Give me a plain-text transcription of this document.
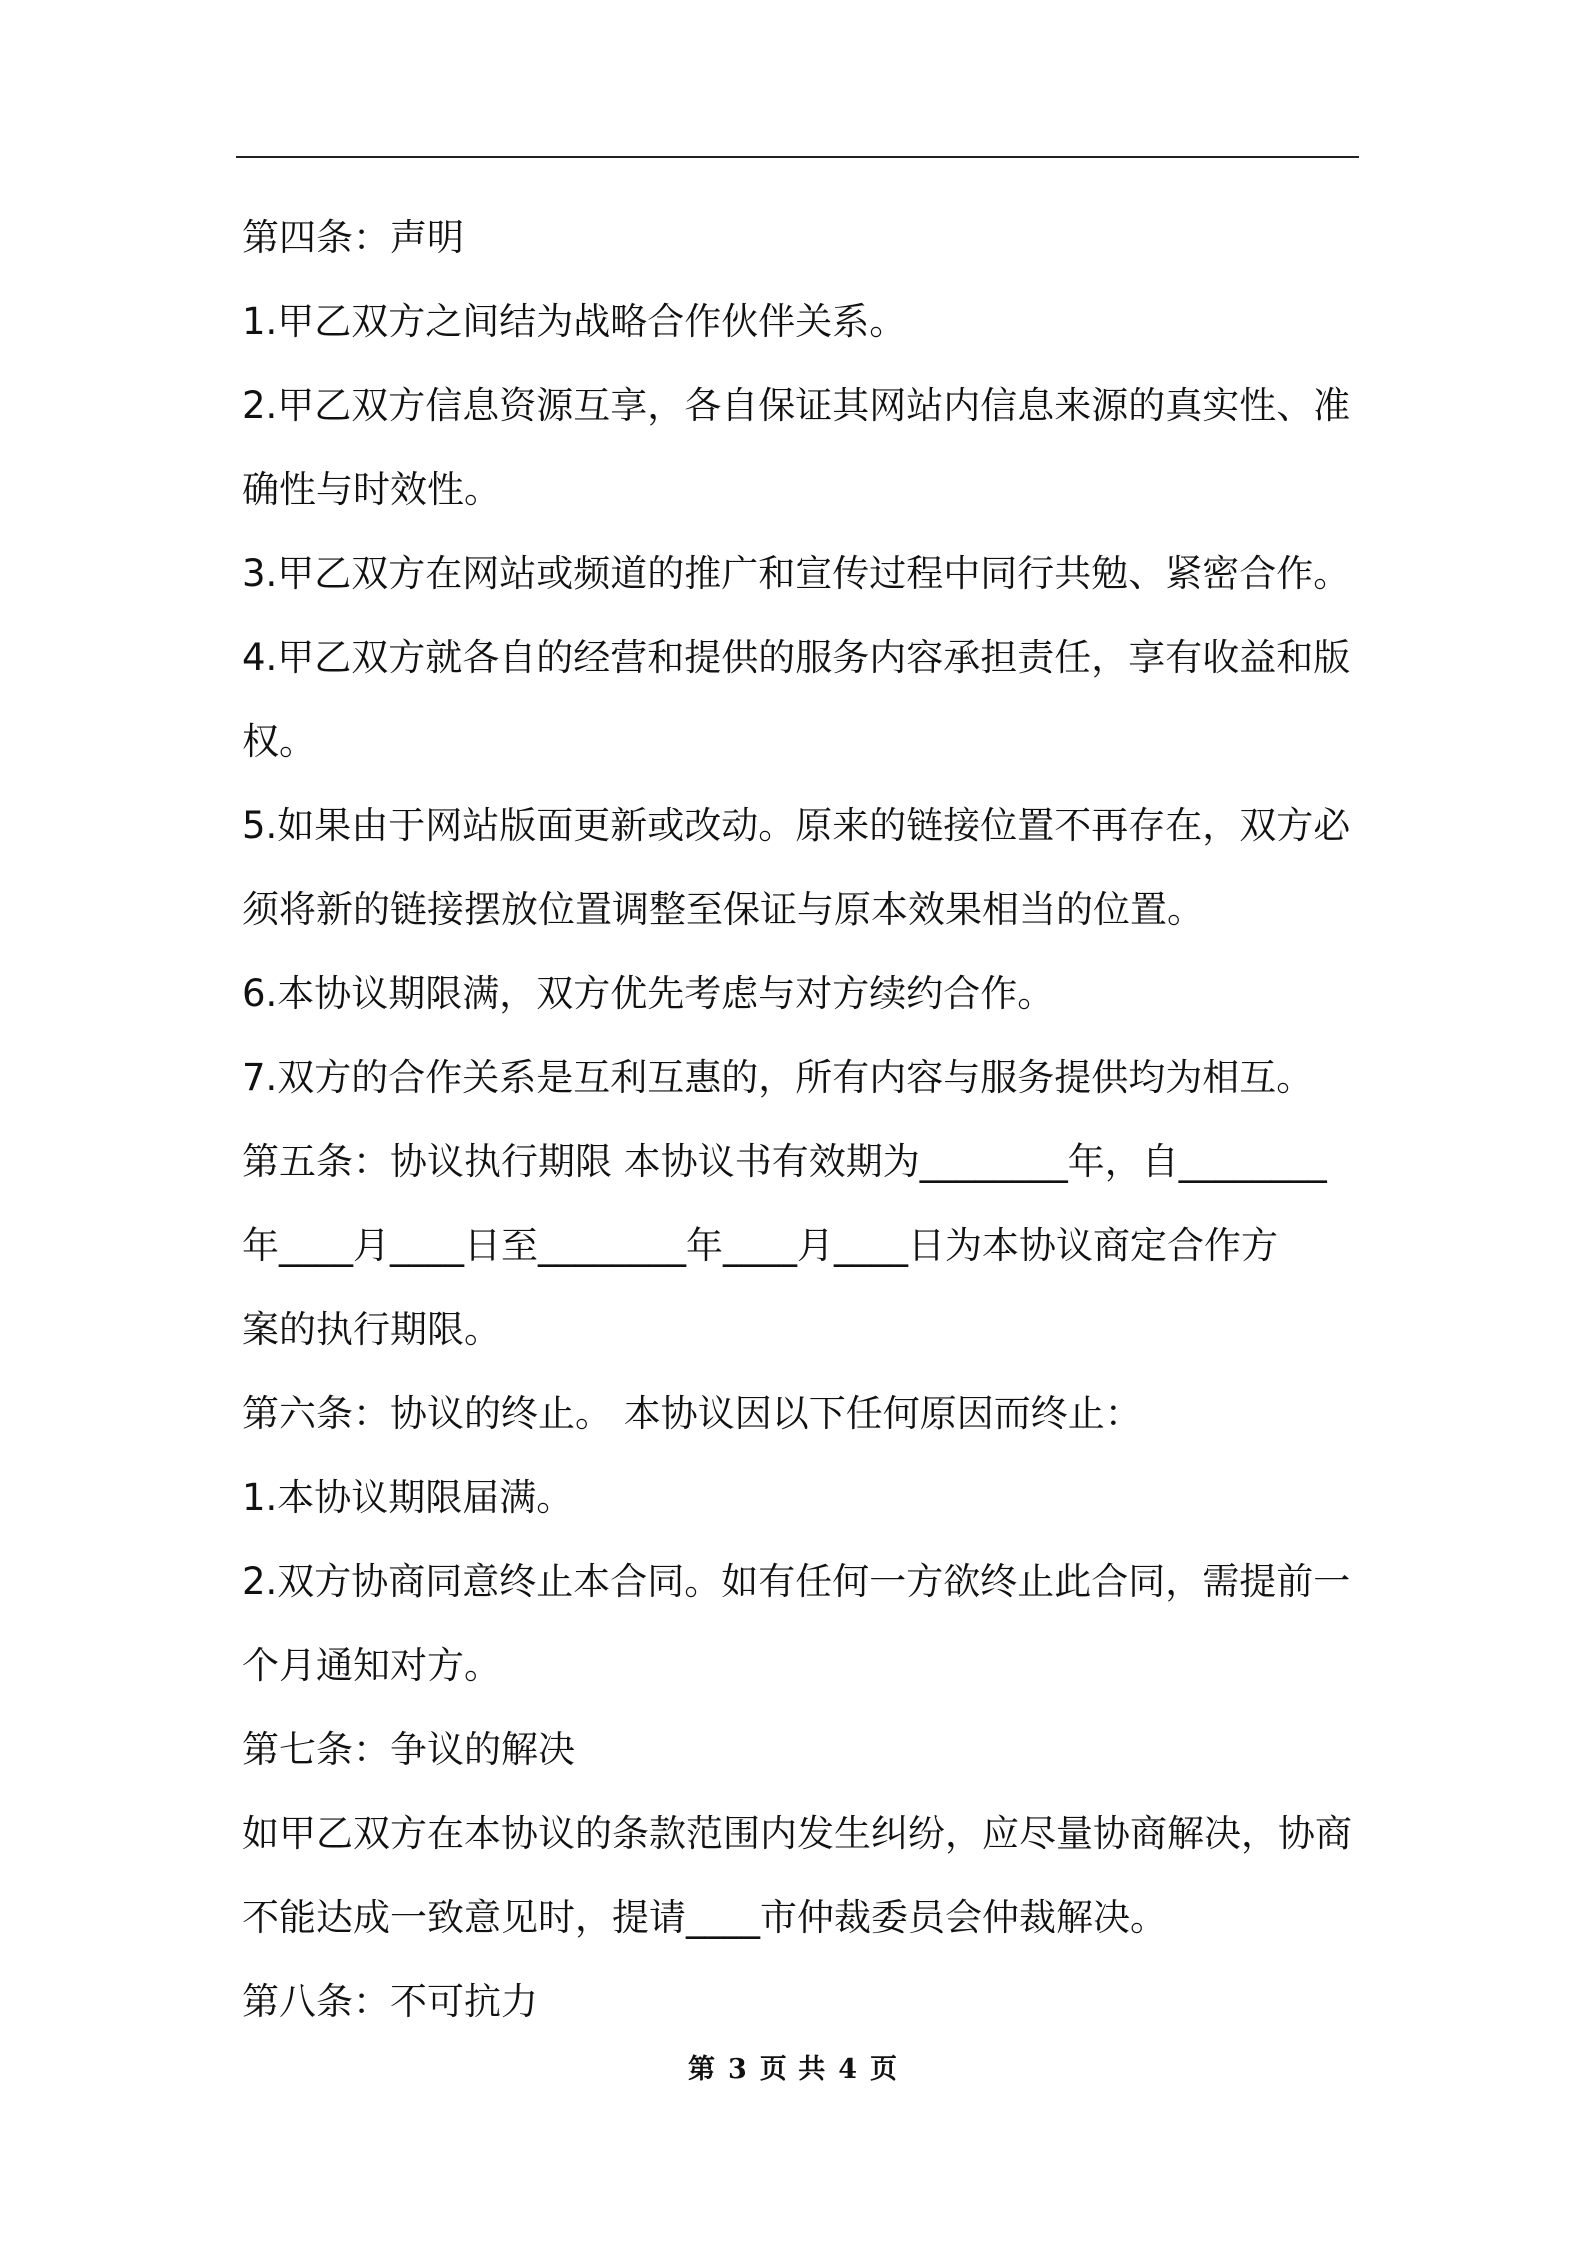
第四条：声明
1.甲乙双方之间结为战略合作伙伴关系。
2.甲乙双方信息资源互享，各自保证其网站内信息来源的真实性、准
确性与时效性。
3.甲乙双方在网站或频道的推广和宣传过程中同行共勉、紧密合作。
4.甲乙双方就各自的经营和提供的服务内容承担责任，享有收益和版
权。
5.如果由于网站版面更新或改动。原来的链接位置不再存在，双方必
须将新的链接摆放位置调整至保证与原本效果相当的位置。
6.本协议期限满，双方优先考虑与对方续约合作。
7.双方的合作关系是互利互惠的，所有内容与服务提供均为相互。
第五条：协议执行期限 本协议书有效期为________年，自________
年____月____日至________年____月____日为本协议商定合作方
案的执行期限。
第六条：协议的终止。 本协议因以下任何原因而终止：
1.本协议期限届满。
2.双方协商同意终止本合同。如有任何一方欲终止此合同，需提前一
个月通知对方。
第七条：争议的解决
如甲乙双方在本协议的条款范围内发生纠纷，应尽量协商解决，协商
不能达成一致意见时，提请____市仲裁委员会仲裁解决。
第八条：不可抗力
第 3 页 共 4 页
